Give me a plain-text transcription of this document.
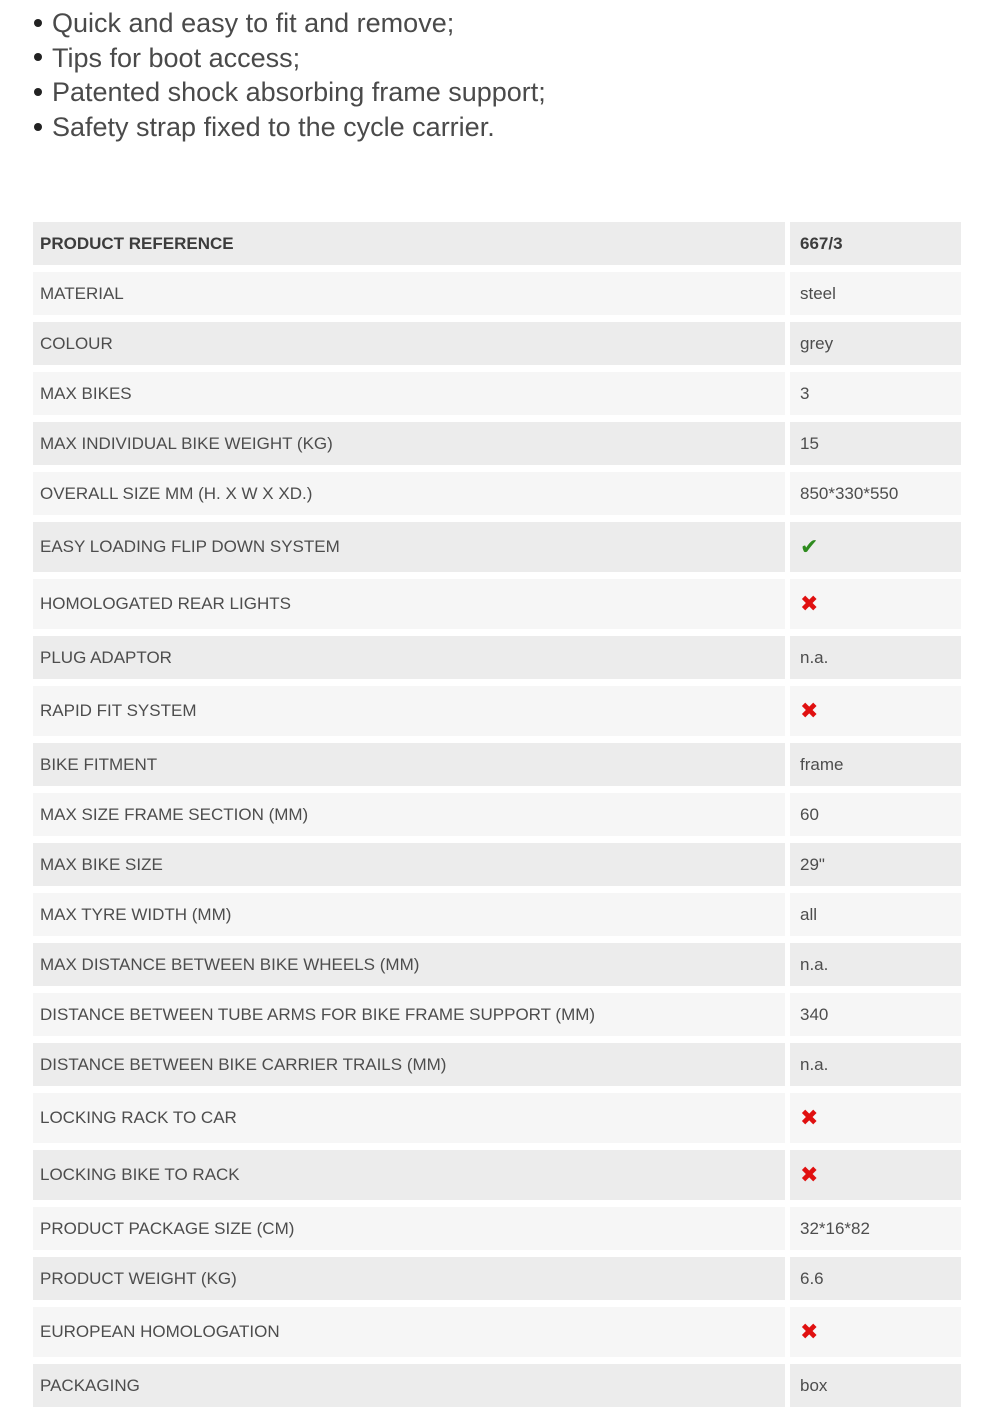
Quick and easy to fit and remove;
Tips for boot access;
Patented shock absorbing frame support;
Safety strap fixed to the cycle carrier.
PRODUCT REFERENCE	667/3
MATERIAL	steel
COLOUR	grey
MAX BIKES	3
MAX INDIVIDUAL BIKE WEIGHT (KG)	15
OVERALL SIZE MM (H. X W X XD.)	850*330*550
EASY LOADING FLIP DOWN SYSTEM	✔
HOMOLOGATED REAR LIGHTS	✖
PLUG ADAPTOR	n.a.
RAPID FIT SYSTEM	✖
BIKE FITMENT	frame
MAX SIZE FRAME SECTION (MM)	60
MAX BIKE SIZE	29"
MAX TYRE WIDTH (MM)	all
MAX DISTANCE BETWEEN BIKE WHEELS (MM)	n.a.
DISTANCE BETWEEN TUBE ARMS FOR BIKE FRAME SUPPORT (MM)	340
DISTANCE BETWEEN BIKE CARRIER TRAILS (MM)	n.a.
LOCKING RACK TO CAR	✖
LOCKING BIKE TO RACK	✖
PRODUCT PACKAGE SIZE (CM)	32*16*82
PRODUCT WEIGHT (KG)	6.6
EUROPEAN HOMOLOGATION	✖
PACKAGING	box
